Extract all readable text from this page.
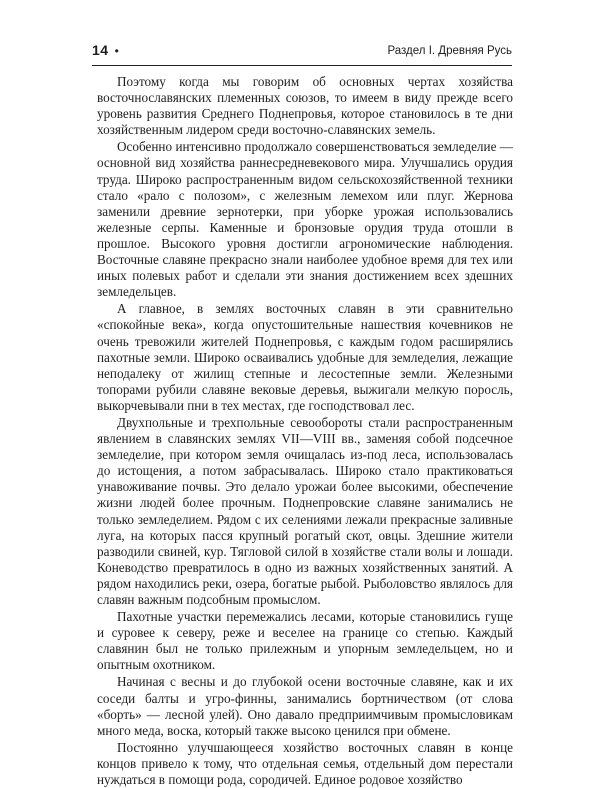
14 •	Раздел I. Древняя Русь

Поэтому когда мы говорим об основных чертах хозяйства восточнославянских племенных союзов, то имеем в виду прежде всего уровень развития Среднего Поднепровья, которое становилось в те дни хозяйственным лидером среди восточно-славянских земель.

Особенно интенсивно продолжало совершенствоваться земледелие — основной вид хозяйства раннесредневекового мира. Улучшались орудия труда. Широко распространенным видом сельскохозяйственной техники стало «рало с полозом», с железным лемехом или плуг. Жернова заменили древние зернотерки, при уборке урожая использовались железные серпы. Каменные и бронзовые орудия труда отошли в прошлое. Высокого уровня достигли агрономические наблюдения. Восточные славяне прекрасно знали наиболее удобное время для тех или иных полевых работ и сделали эти знания достижением всех здешних земледельцев.

А главное, в землях восточных славян в эти сравнительно «спокойные века», когда опустошительные нашествия кочевников не очень тревожили жителей Поднепровья, с каждым годом расширялись пахотные земли. Широко осваивались удобные для земледелия, лежащие неподалеку от жилищ степные и лесостепные земли. Железными топорами рубили славяне вековые деревья, выжигали мелкую поросль, выкорчевывали пни в тех местах, где господствовал лес.

Двухпольные и трехпольные севообороты стали распространенным явлением в славянских землях VII—VIII вв., заменяя собой подсечное земледелие, при котором земля очищалась из-под леса, использовалась до истощения, а потом забрасывалась. Широко стало практиковаться унавоживание почвы. Это делало урожаи более высокими, обеспечение жизни людей более прочным. Поднепровские славяне занимались не только земледелием. Рядом с их селениями лежали прекрасные заливные луга, на которых пасся крупный рогатый скот, овцы. Здешние жители разводили свиней, кур. Тягловой силой в хозяйстве стали волы и лошади. Коневодство превратилось в одно из важных хозяйственных занятий. А рядом находились реки, озера, богатые рыбой. Рыболовство являлось для славян важным подсобным промыслом.

Пахотные участки перемежались лесами, которые становились гуще и суровее к северу, реже и веселее на границе со степью. Каждый славянин был не только прилежным и упорным земледельцем, но и опытным охотником.

Начиная с весны и до глубокой осени восточные славяне, как и их соседи балты и угро-финны, занимались бортничеством (от слова «борть» — лесной улей). Оно давало предприимчивым промысловикам много меда, воска, который также высоко ценился при обмене.

Постоянно улучшающееся хозяйство восточных славян в конце концов привело к тому, что отдельная семья, отдельный дом перестали нуждаться в помощи рода, сородичей. Единое родовое хозяйство
